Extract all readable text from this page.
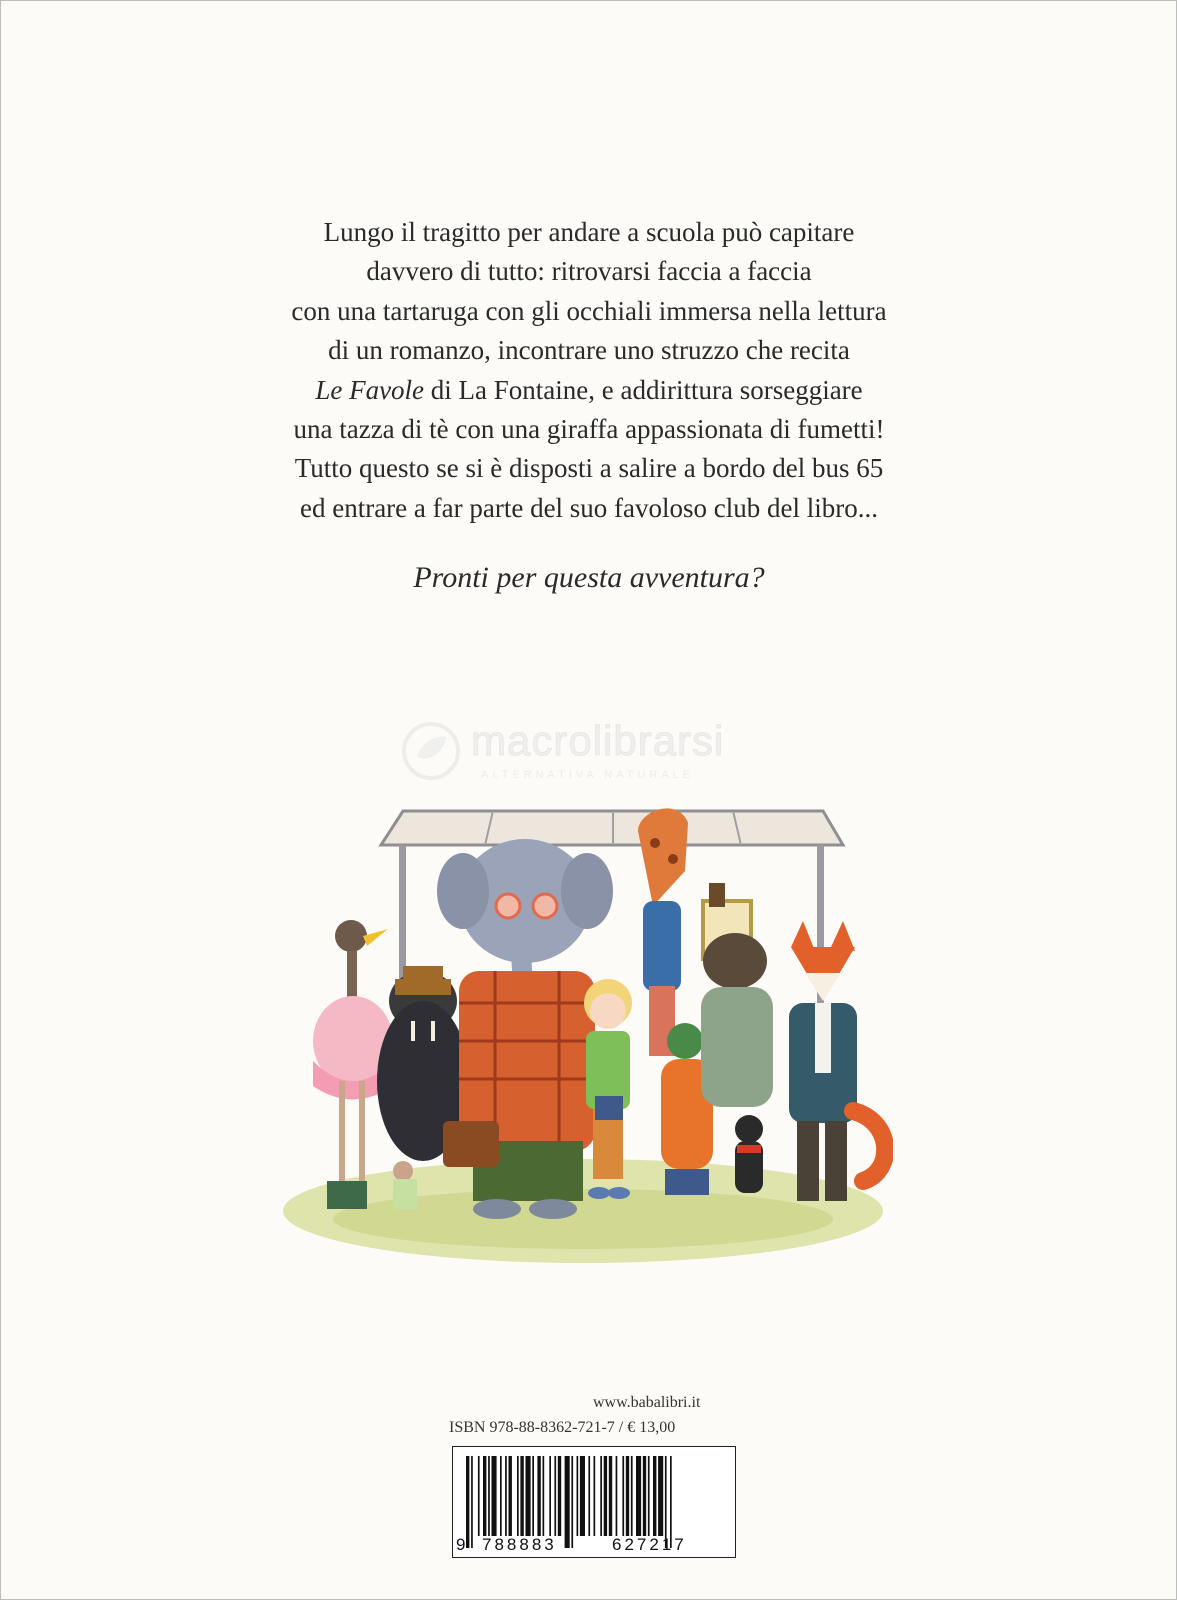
Lungo il tragitto per andare a scuola può capitare
davvero di tutto: ritrovarsi faccia a faccia
con una tartaruga con gli occhiali immersa nella lettura
di un romanzo, incontrare uno struzzo che recita
Le Favole di La Fontaine, e addirittura sorseggiare
una tazza di tè con una giraffa appassionata di fumetti!
Tutto questo se si è disposti a salire a bordo del bus 65
ed entrare a far parte del suo favoloso club del libro...
Pronti per questa avventura?
macrolibrarsi
ALTERNATIVA NATURALE
www.babalibri.it
ISBN 978-88-8362-721-7 / € 13,00
9 788883	627217
